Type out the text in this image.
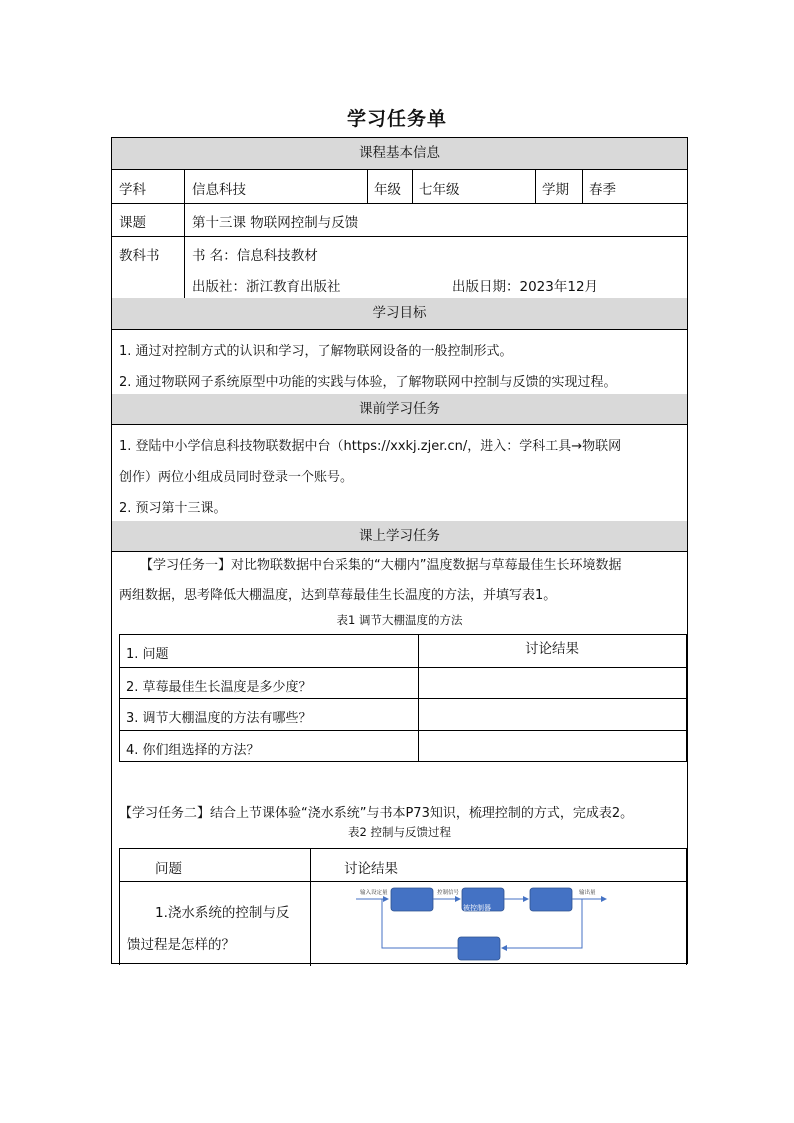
学习任务单
课程基本信息
学科	信息科技	年级 七年级	学期 春季
课题	第十三课 物联网控制与反馈
教科书 书 名：信息科技教材
出版社：浙江教育出版社	出版日期：2023年12月
学习目标
1. 通过对控制方式的认识和学习，了解物联网设备的一般控制形式。
2. 通过物联网子系统原型中功能的实践与体验，了解物联网中控制与反馈的实现过程。
课前学习任务
1. 登陆中小学信息科技物联数据中台（https://xxkj.zjer.cn/，进入：学科工具→物联网
创作）两位小组成员同时登录一个账号。
2. 预习第十三课。
课上学习任务
【学习任务一】对比物联数据中台采集的“大棚内”温度数据与草莓最佳生长环境数据
两组数据，思考降低大棚温度，达到草莓最佳生长温度的方法，并填写表1。
表1 调节大棚温度的方法
1. 问题	讨论结果
2. 草莓最佳生长温度是多少度？
3. 调节大棚温度的方法有哪些？
4. 你们组选择的方法？
【学习任务二】结合上节课体验“浇水系统”与书本P73知识，梳理控制的方式，完成表2。
表2 控制与反馈过程
问题	讨论结果
1.浇水系统的控制与反
馈过程是怎样的？
输入设定量	控制信号
被控制器
输出量
